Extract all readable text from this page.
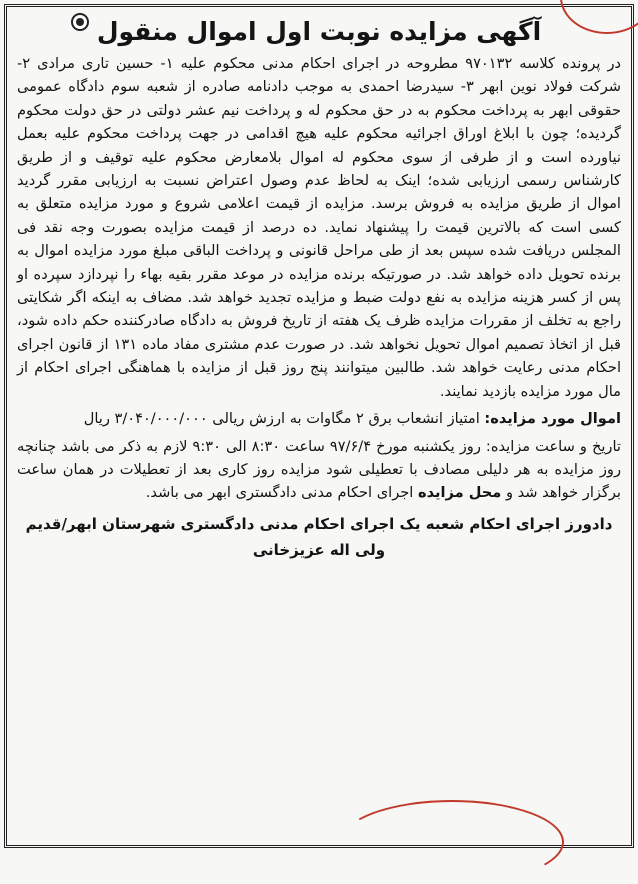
آگهی مزایده نوبت اول اموال منقول

در پرونده کلاسه ۹۷۰۱۳۲ مطروحه در اجرای احکام مدنی محکوم علیه ۱- حسین تاری مرادی ۲- شرکت فولاد نوین ابهر ۳- سیدرضا احمدی به موجب دادنامه صادره از شعبه سوم دادگاه عمومی حقوقی ابهر به پرداخت محکوم به در حق محکوم له و پرداخت نیم عشر دولتی در حق دولت محکوم گردیده؛ چون با ابلاغ اوراق اجرائیه محکوم علیه هیچ اقدامی در جهت پرداخت محکوم علیه بعمل نیاورده است و از طرفی از سوی محکوم له اموال بلامعارض محکوم علیه توقیف و از طریق کارشناس رسمی ارزیابی شده؛ اینک به لحاظ عدم وصول اعتراض نسبت به ارزیابی مقرر گردید اموال از طریق مزایده به فروش برسد. مزایده از قیمت اعلامی شروع و مورد مزایده متعلق به کسی است که بالاترین قیمت را پیشنهاد نماید. ده درصد از قیمت مزایده بصورت وجه نقد فی المجلس دریافت شده سپس بعد از طی مراحل قانونی و پرداخت الباقی مبلغ مورد مزایده اموال به برنده تحویل داده خواهد شد. در صورتیکه برنده مزایده در موعد مقرر بقیه بهاء را نپردازد سپرده او پس از کسر هزینه مزایده به نفع دولت ضبط و مزایده تجدید خواهد شد. مضاف به اینکه اگر شکایتی راجع به تخلف از مقررات مزایده ظرف یک هفته از تاریخ فروش به دادگاه صادرکننده حکم داده شود، قبل از اتخاذ تصمیم اموال تحویل نخواهد شد. در صورت عدم مشتری مفاد ماده ۱۳۱ از قانون اجرای احکام مدنی رعایت خواهد شد. طالبین میتوانند پنج روز قبل از مزایده با هماهنگی اجرای احکام از مال مورد مزایده بازدید نمایند.

اموال مورد مزایده: امتیاز انشعاب برق ۲ مگاوات به ارزش ریالی ۳/۰۴۰/۰۰۰/۰۰۰ ریال

تاریخ و ساعت مزایده: روز یکشنبه مورخ ۹۷/۶/۴ ساعت ۸:۳۰ الی ۹:۳۰ لازم به ذکر می باشد چنانچه روز مزایده به هر دلیلی مصادف با تعطیلی شود مزایده روز کاری بعد از تعطیلات در همان ساعت برگزار خواهد شد و محل مزایده اجرای احکام مدنی دادگستری ابهر می باشد.

دادورز اجرای احکام شعبه یک اجرای احکام مدنی دادگستری شهرستان ابهر/قدیم
ولی اله عزیزخانی
